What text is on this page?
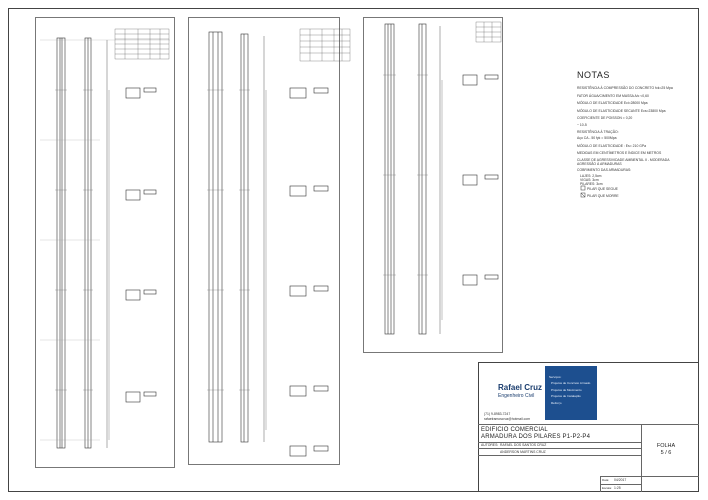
NOTAS
RESISTÊNCIA À COMPRESSÃO DO CONCRETO fck=25 Mpa
FATOR ÁGUA/CIMENTO EM MASSA A/c <0,60
MÓDULO DE ELASTICIDADE Eci=28000 Mpa
MÓDULO DE ELASTICIDADE SECANTE Ecs=23800 Mpa
COEFICIENTE DE POISSON = 0,20
~ 10-5
RESISTÊNCIA À TRAÇÃO:
Aço CA - 50 fyk = 500Mpa
MÓDULO DE ELASTICIDADE : Es= 210 GPa
MEDIDAS EM CENTÍMETROS E ÍNDICE EM METROS
CLASSE DE AGRESSIVIDADE AMBIENTAL II - MODERADA
AGRESSÃO À ARMADURAS
COBRIMENTO DAS ARMADURAS:
LAJES: 2,5cm
VIGAS: 3cm
PILARES: 3cm
PILAR QUE SEGUE
PILAR QUE MORRE
Rafael Cruz
Engenheiro Civil
Serviços:
Projetos de Concreto Armado
Projetos de Movimento
Projetos de Instalação
Reforço
(71) 9-8983-7247
rafaelramoscruz@hotmail.com
EDIFICIO COMERCIAL
ARMADURA DOS PILARES P1-P2-P4
AUTORES: RAFAEL DOS SANTOS CRUZ
ANDERSON MARTINS CRUZ
FOLHA
5 / 6
Data: 04/2017
Escala: 1:25
